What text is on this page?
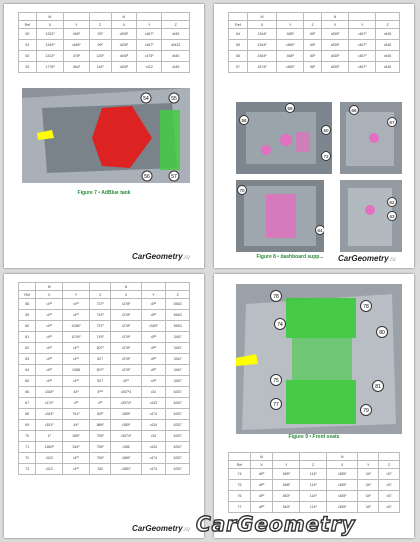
	M			N		
Ref	X	Y	Z	X	Y	Z
50	1332²	465²	93²	•835²	•467²	•645
51	1349²	•465²	99²	•835²	•467²	•6432
52	1312²	478²	126²	•845²	•475²	•645
53	1776²	464²	116²	•835²	•412	•645
54	55
56	57
Figure 7 • AdBlue tank
CarGeometry.ru
	M			N		
Ref	X	Y	Z	X	Y	Z
54	1344²	485²	65²	•835²	•467²	•645
55	1344²	•465²	65²	•835²	•467²	•645
56	2464²	468²	65²	•835²	•467²	•645
57	1874²	•465²	98²	•835²	•467²	•645
58
69
60
72
66
67
70
64
62
63
Figure 8 • dashboard supp...	CarGeometry.ru
	M			N		
Ref	X	Y	Z	X	Y	Z
58	•4²²	•4²²	737²	•378²	•5²²	5563
59	•4²²	•4²²	743²	•378²	•5²²	5563
60	•4²²	1056²	737²	•378²	•345²	5563
61	•4²²	1076²	743²	•378²	•5²²	3467
62	•4²²	•4²²	507²	•378²	•5²²	3467
63	•4²²	•4²²	527	•378²	•5²²	3467
64	•4²²	1068	507²	•378²	•5²²	3467
65	•4²²	•4²²	527	•5²²	•4²²	3467
66	•283²	44²	4²²²	•357²4	•34	6357
67	•372²	4²²	4²²	•3574²	•433	6357
68	•283²	761²	84²²	•385²	•474	6357
69	•351²	44²	886²	•385²	•434	6357
70	1²	386²	755²	•3574²	•34	6357
71	1860²	344²	755²	•386	•434	6357
72	•323	•4²²	755²	•386²	•474	6357
73	•312	•4²²	782	•3857	•474	6357
CarGeometry.ru
78
78
74
80
75
81
77
79
Figure 9 • Front seats
	M			N		
Ref	X	Y	Z	X	Y	Z
74	•8²²	585²	114²	•385²	34²	•57
75	•8²²	568²	114²	•385²	34²	•57
76	•8²²	863²	114²	•385²	34²	•57
77	•8²²	863²	114²	•385²	34²	•57
CarGeometry
